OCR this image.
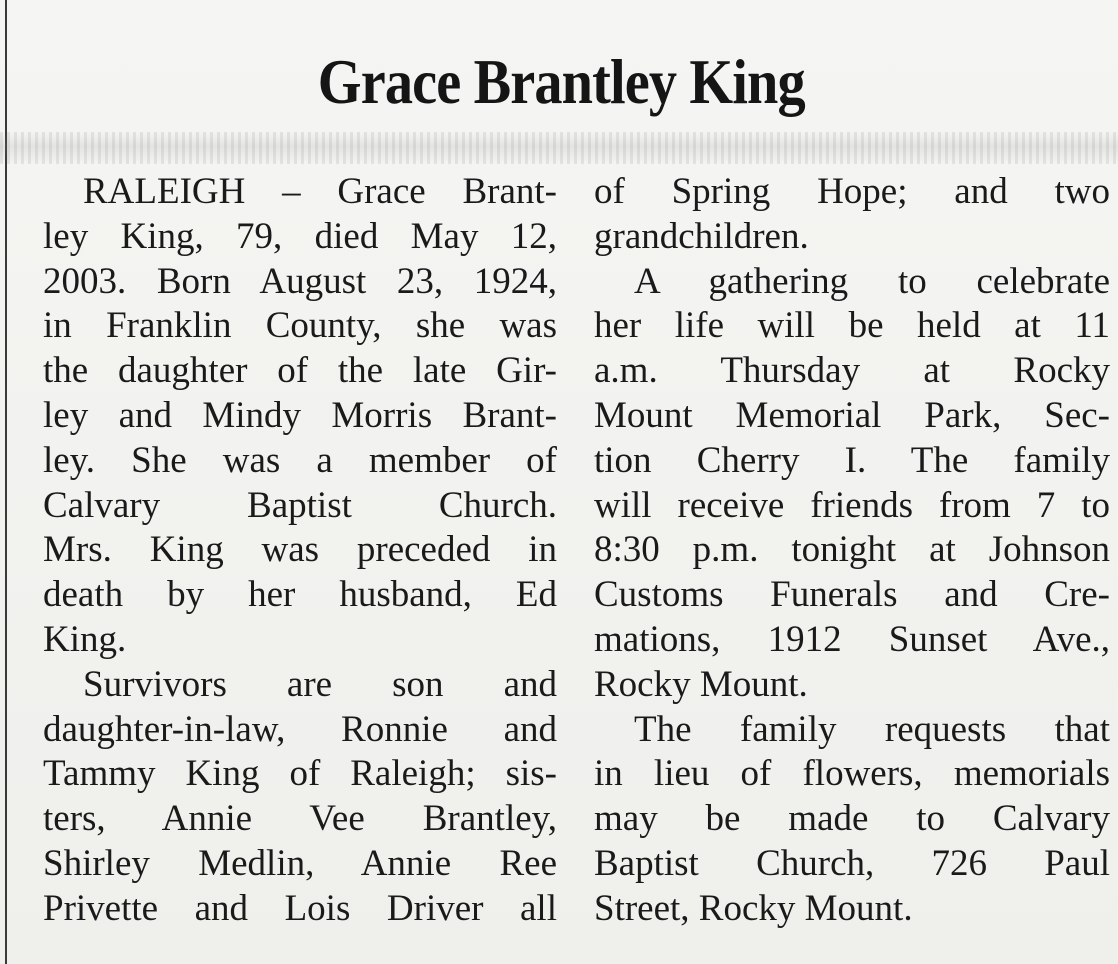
Grace Brantley King
RALEIGH – Grace Brant-
ley King, 79, died May 12,
2003. Born August 23, 1924,
in Franklin County, she was
the daughter of the late Gir-
ley and Mindy Morris Brant-
ley. She was a member of
Calvary Baptist Church.
Mrs. King was preceded in
death by her husband, Ed
King.
Survivors are son and
daughter-in-law, Ronnie and
Tammy King of Raleigh; sis-
ters, Annie Vee Brantley,
Shirley Medlin, Annie Ree
Privette and Lois Driver all
of Spring Hope; and two
grandchildren.
A gathering to celebrate
her life will be held at 11
a.m. Thursday at Rocky
Mount Memorial Park, Sec-
tion Cherry I. The family
will receive friends from 7 to
8:30 p.m. tonight at Johnson
Customs Funerals and Cre-
mations, 1912 Sunset Ave.,
Rocky Mount.
The family requests that
in lieu of flowers, memorials
may be made to Calvary
Baptist Church, 726 Paul
Street, Rocky Mount.
